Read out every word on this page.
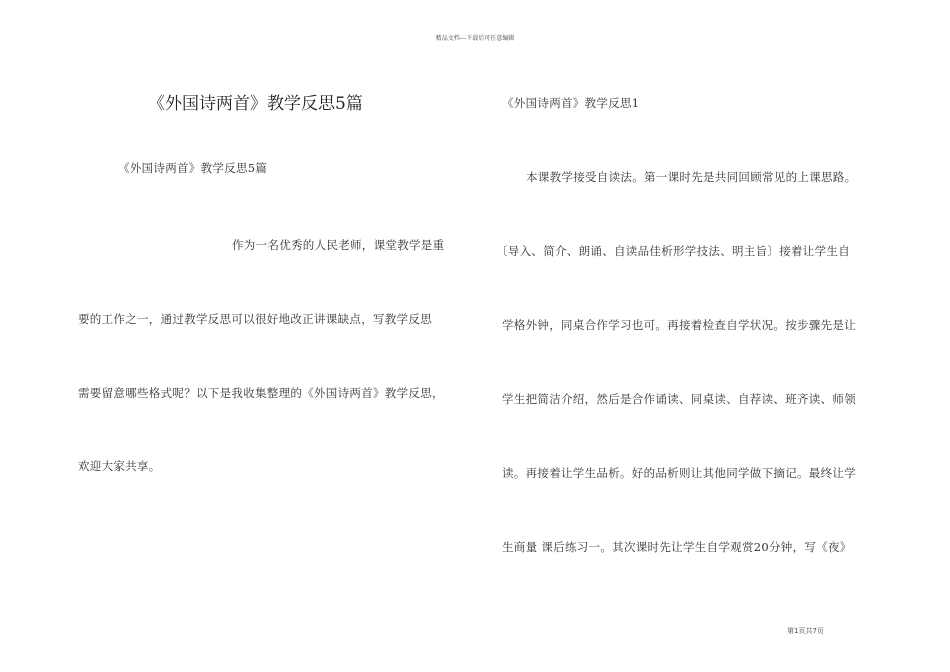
精品文档---下载后可任意编辑
《外国诗两首》教学反思5篇
《外国诗两首》教学反思5篇
作为一名优秀的人民老师，课堂教学是重
要的工作之一，通过教学反思可以很好地改正讲课缺点，写教学反思
需要留意哪些格式呢？以下是我收集整理的《外国诗两首》教学反思，
欢迎大家共享。
《外国诗两首》教学反思1
本课教学接受自读法。第一课时先是共同回顾常见的上课思路。
〔导入、简介、朗诵、自读品佳析形学技法、明主旨〕接着让学生自
学格外钟，同桌合作学习也可。再接着检查自学状况。按步骤先是让
学生把简洁介绍，然后是合作诵读、同桌读、自荐读、班齐读、师领
读。再接着让学生品析。好的品析则让其他同学做下摘记。最终让学
生商量 课后练习一。其次课时先让学生自学观赏20分钟，写《夜》
第1页共7页
